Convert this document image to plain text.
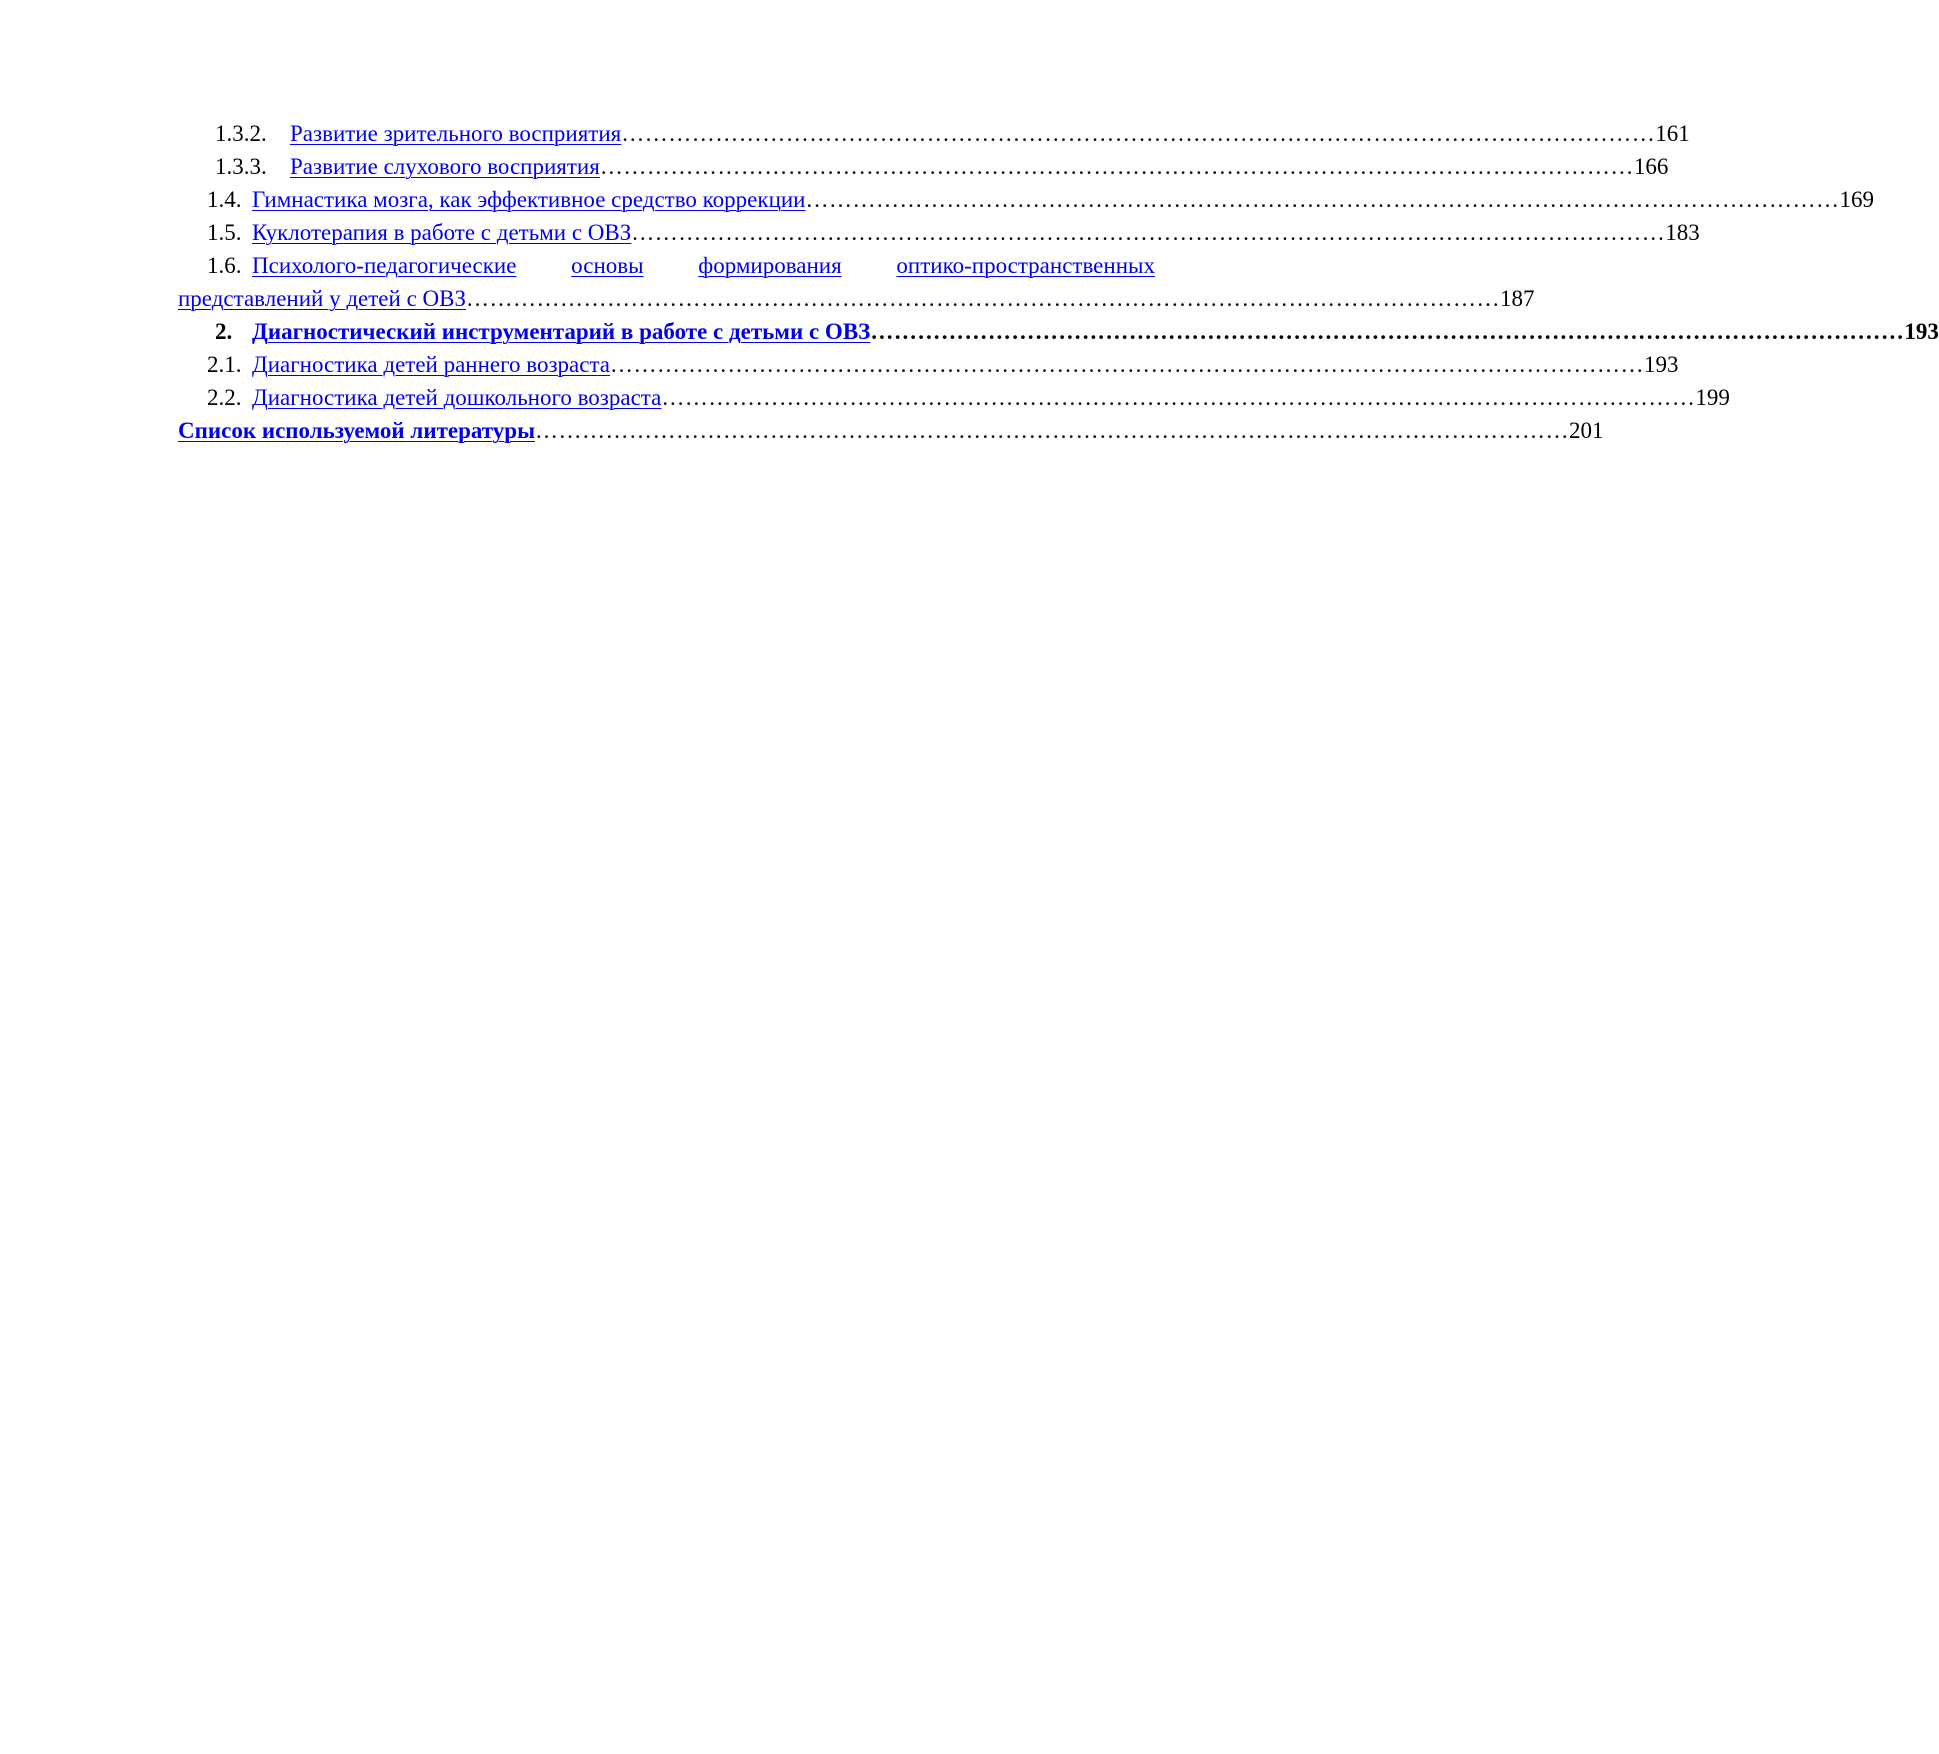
1.3.2. Развитие зрительного восприятия …………………………………………………………………………………………………………………… 161
1.3.3. Развитие слухового восприятия …………………………………………………………………………………………………………………… 166
1.4. Гимнастика мозга, как эффективное средство коррекции …………………………………………………………………………………………………………………… 169
1.5. Куклотерапия в работе с детьми с ОВЗ …………………………………………………………………………………………………………………… 183
1.6. Психолого-педагогические основы формирования оптико-пространственных
представлений у детей с ОВЗ …………………………………………………………………………………………………………………… 187
2. Диагностический инструментарий в работе с детьми с ОВЗ …………………………………………………………………………………………………………………… 193
2.1. Диагностика детей раннего возраста …………………………………………………………………………………………………………………… 193
2.2. Диагностика детей дошкольного возраста …………………………………………………………………………………………………………………… 199
Список используемой литературы …………………………………………………………………………………………………………………… 201
